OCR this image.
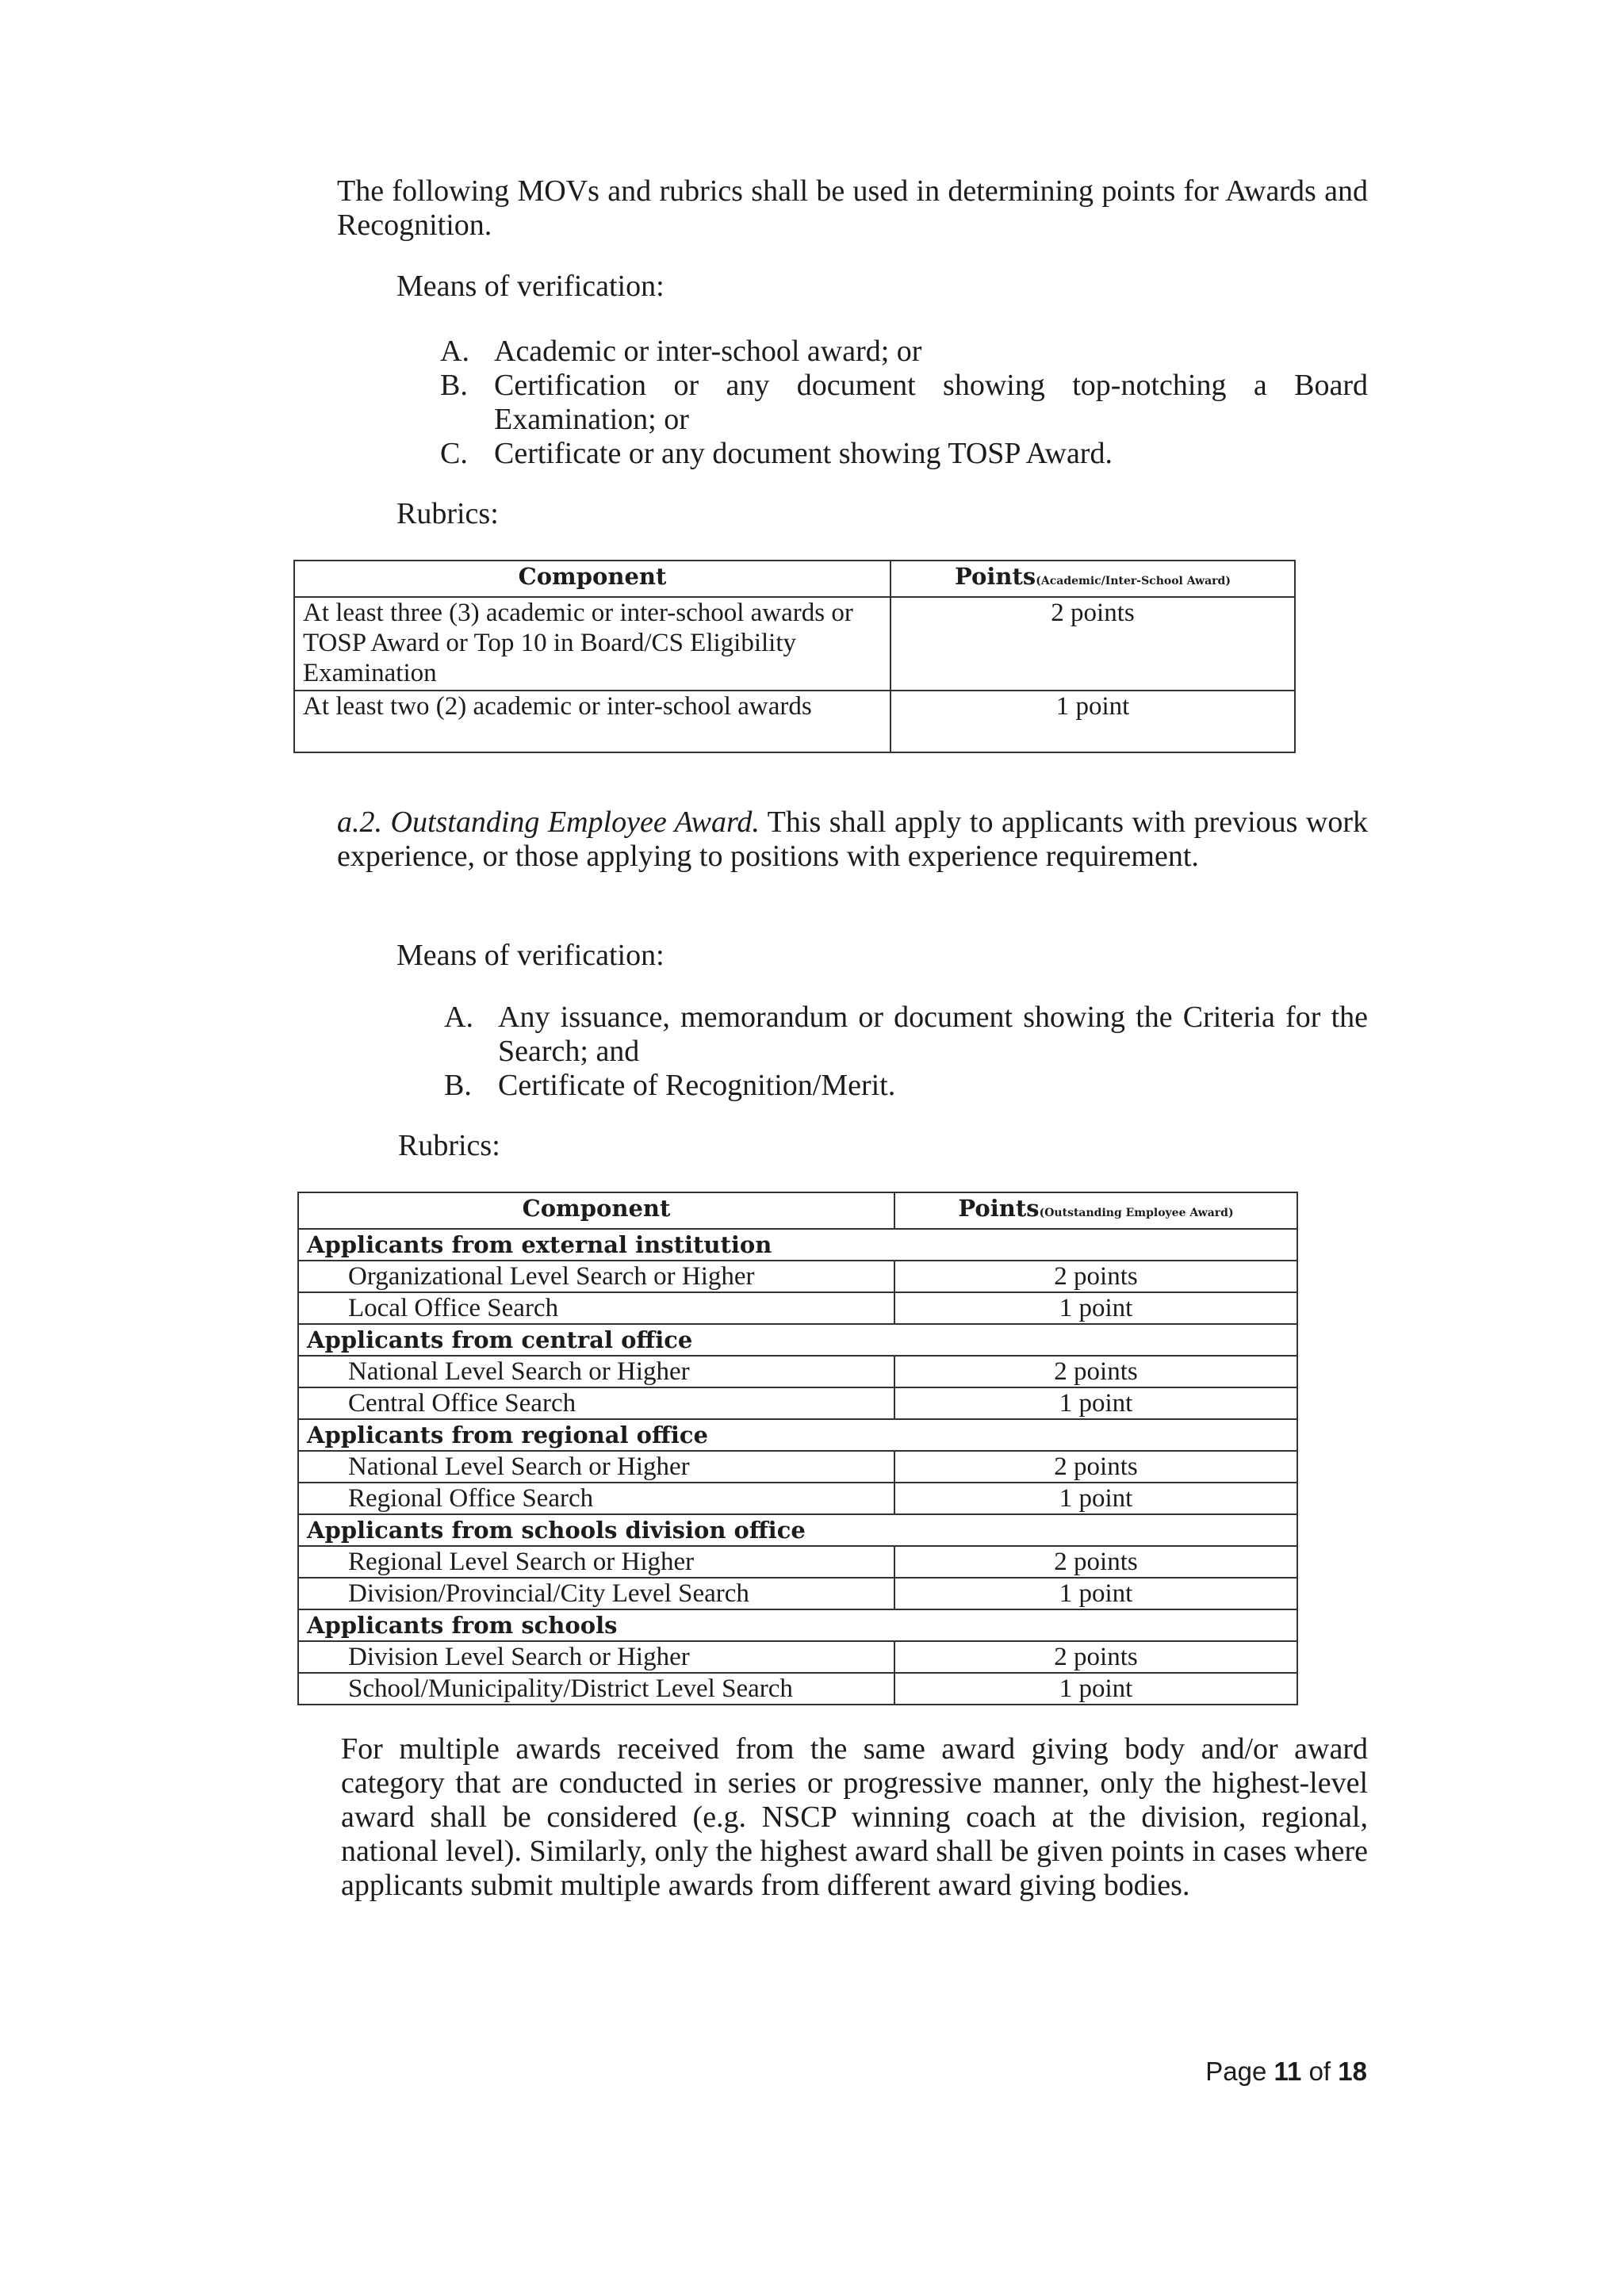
The following MOVs and rubrics shall be used in determining points for Awards and Recognition.
Means of verification:
A. Academic or inter-school award; or
B. Certification or any document showing top-notching a Board Examination; or
C. Certificate or any document showing TOSP Award.
Rubrics:
Component	Points(Academic/Inter-School Award)
At least three (3) academic or inter-school awards or TOSP Award or Top 10 in Board/CS Eligibility Examination	2 points
At least two (2) academic or inter-school awards	1 point
a.2. Outstanding Employee Award. This shall apply to applicants with previous work experience, or those applying to positions with experience requirement.
Means of verification:
A. Any issuance, memorandum or document showing the Criteria for the Search; and
B. Certificate of Recognition/Merit.
Rubrics:
Component	Points(Outstanding Employee Award)
Applicants from external institution	
Organizational Level Search or Higher	2 points
Local Office Search	1 point
Applicants from central office	
National Level Search or Higher	2 points
Central Office Search	1 point
Applicants from regional office	
National Level Search or Higher	2 points
Regional Office Search	1 point
Applicants from schools division office	
Regional Level Search or Higher	2 points
Division/Provincial/City Level Search	1 point
Applicants from schools	
Division Level Search or Higher	2 points
School/Municipality/District Level Search	1 point
For multiple awards received from the same award giving body and/or award category that are conducted in series or progressive manner, only the highest-level award shall be considered (e.g. NSCP winning coach at the division, regional, national level). Similarly, only the highest award shall be given points in cases where applicants submit multiple awards from different award giving bodies.
Page 11 of 18
